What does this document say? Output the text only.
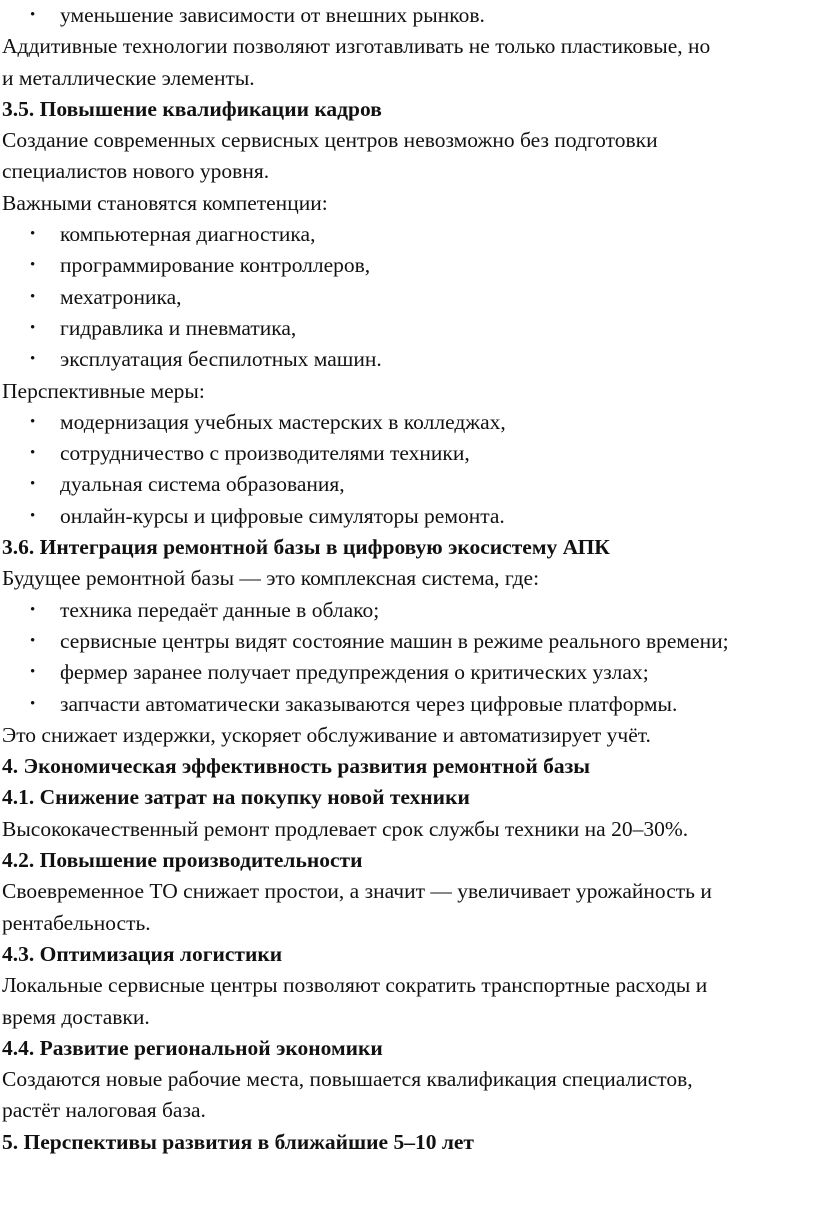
• уменьшение зависимости от внешних рынков.
Аддитивные технологии позволяют изготавливать не только пластиковые, но
и металлические элементы.
3.5. Повышение квалификации кадров
Создание современных сервисных центров невозможно без подготовки
специалистов нового уровня.
Важными становятся компетенции:
• компьютерная диагностика,
• программирование контроллеров,
• мехатроника,
• гидравлика и пневматика,
• эксплуатация беспилотных машин.
Перспективные меры:
• модернизация учебных мастерских в колледжах,
• сотрудничество с производителями техники,
• дуальная система образования,
• онлайн-курсы и цифровые симуляторы ремонта.
3.6. Интеграция ремонтной базы в цифровую экосистему АПК
Будущее ремонтной базы — это комплексная система, где:
• техника передаёт данные в облако;
• сервисные центры видят состояние машин в режиме реального времени;
• фермер заранее получает предупреждения о критических узлах;
• запчасти автоматически заказываются через цифровые платформы.
Это снижает издержки, ускоряет обслуживание и автоматизирует учёт.
4. Экономическая эффективность развития ремонтной базы
4.1. Снижение затрат на покупку новой техники
Высококачественный ремонт продлевает срок службы техники на 20–30%.
4.2. Повышение производительности
Своевременное ТО снижает простои, а значит — увеличивает урожайность и
рентабельность.
4.3. Оптимизация логистики
Локальные сервисные центры позволяют сократить транспортные расходы и
время доставки.
4.4. Развитие региональной экономики
Создаются новые рабочие места, повышается квалификация специалистов,
растёт налоговая база.
5. Перспективы развития в ближайшие 5–10 лет
